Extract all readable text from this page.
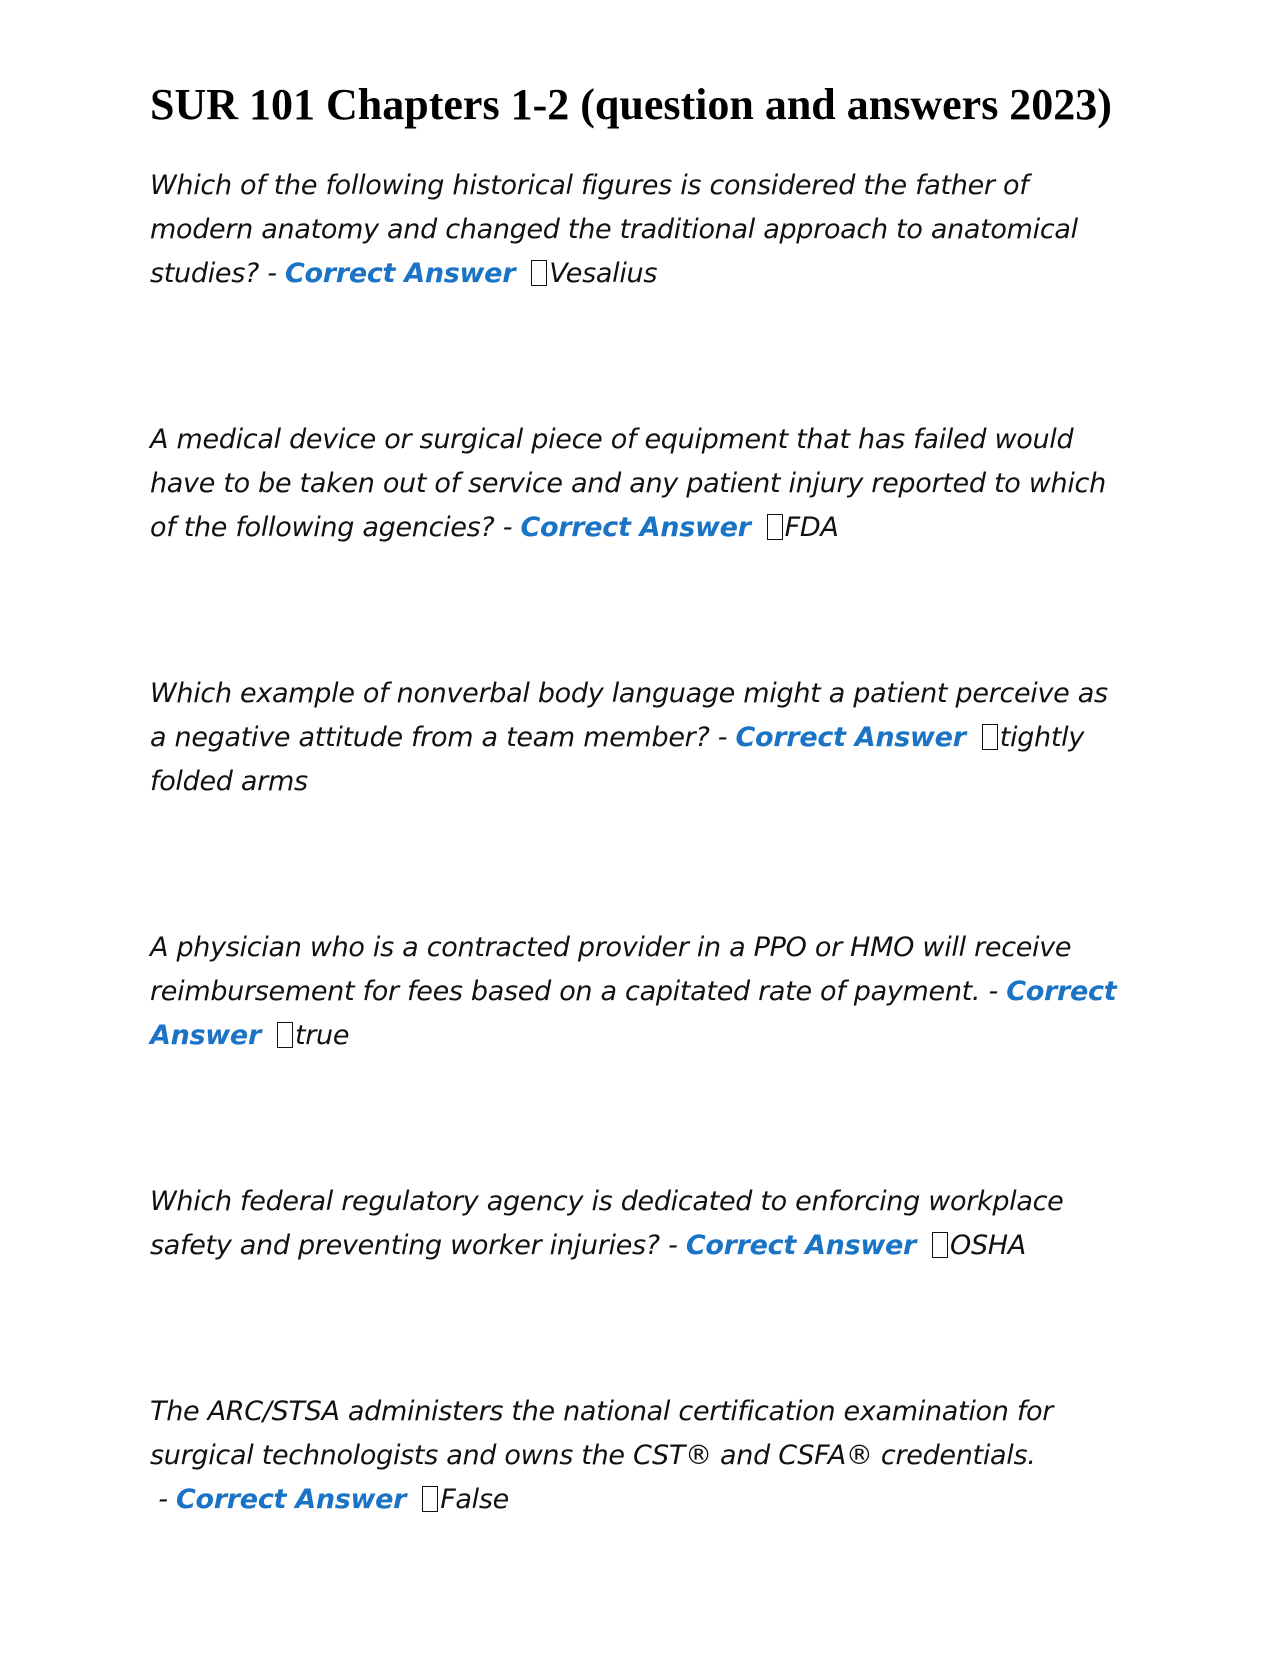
SUR 101 Chapters 1-2 (question and answers 2023)

Which of the following historical figures is considered the father of modern anatomy and changed the traditional approach to anatomical studies? - Correct Answer Vesalius

A medical device or surgical piece of equipment that has failed would have to be taken out of service and any patient injury reported to which of the following agencies? - Correct Answer FDA

Which example of nonverbal body language might a patient perceive as a negative attitude from a team member? - Correct Answer tightly folded arms

A physician who is a contracted provider in a PPO or HMO will receive reimbursement for fees based on a capitated rate of payment. - Correct Answer true

Which federal regulatory agency is dedicated to enforcing workplace safety and preventing worker injuries? - Correct Answer OSHA

The ARC/STSA administers the national certification examination for surgical technologists and owns the CST® and CSFA® credentials. - Correct Answer False
